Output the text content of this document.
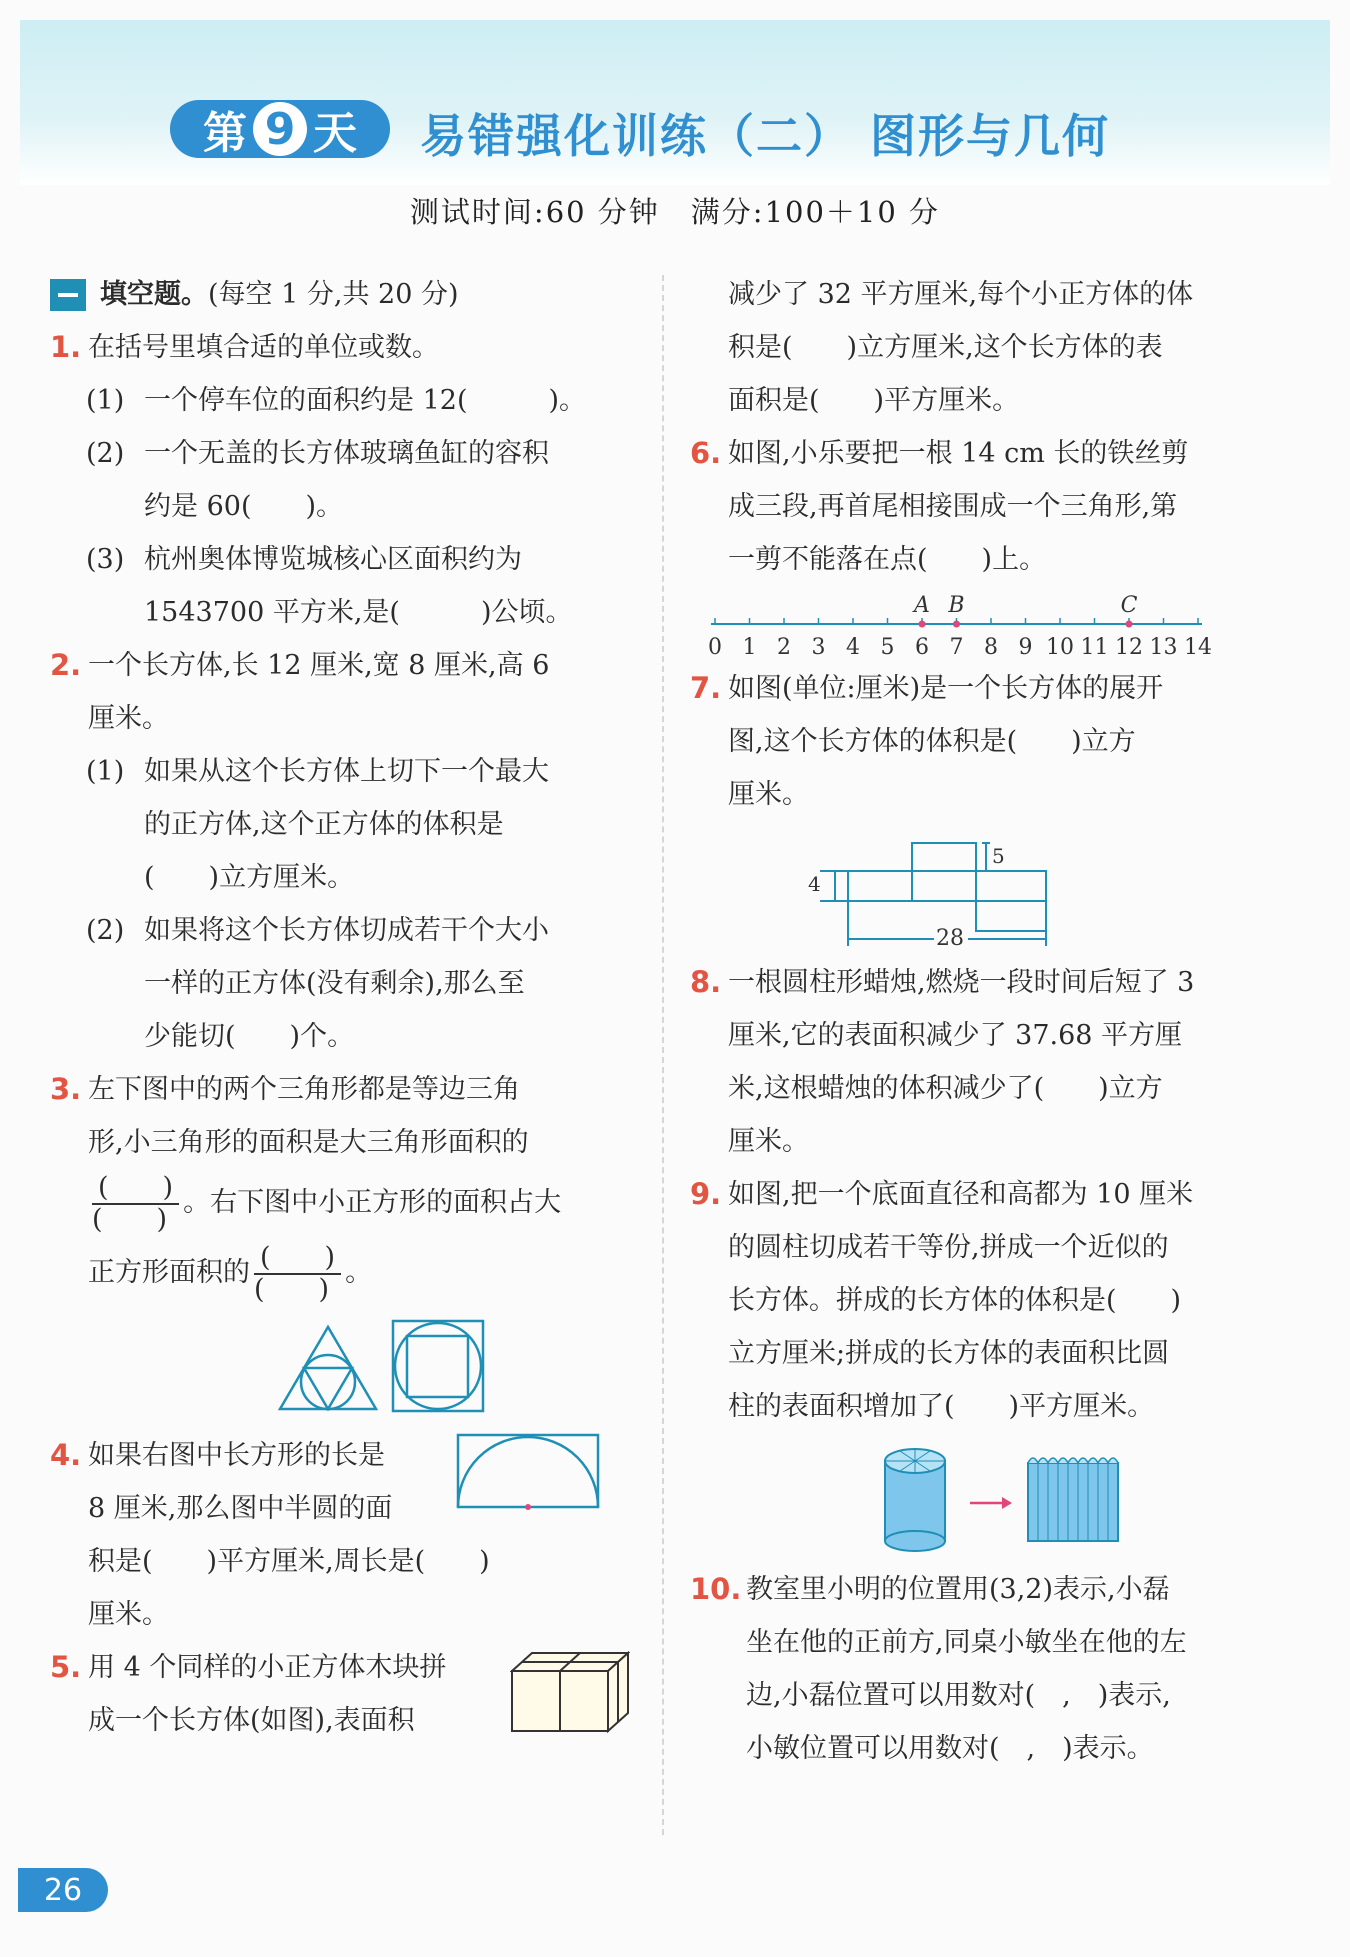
第 9 天 易错强化训练（二） 图形与几何
测试时间:60 分钟　满分:100＋10 分
填空题。(每空 1 分,共 20 分)
1. 在括号里填合适的单位或数。
(1) 一个停车位的面积约是 12(　　　)。
(2) 一个无盖的长方体玻璃鱼缸的容积
约是 60(　　)。
(3) 杭州奥体博览城核心区面积约为
1543700 平方米,是(　　　)公顷。
2. 一个长方体,长 12 厘米,宽 8 厘米,高 6
厘米。
(1) 如果从这个长方体上切下一个最大
的正方体,这个正方体的体积是
(　　)立方厘米。
(2) 如果将这个长方体切成若干个大小
一样的正方体(没有剩余),那么至
少能切(　　)个。
3. 左下图中的两个三角形都是等边三角
形,小三角形的面积是大三角形面积的
$\frac{( )}{( )}$ 。右下图中小正方形的面积占大
正方形面积的 $\frac{( )}{( )}$ 。
4. 如果右图中长方形的长是
8 厘米,那么图中半圆的面
积是(　　)平方厘米,周长是(　　)
厘米。
5. 用 4 个同样的小正方体木块拼
成一个长方体(如图),表面积
减少了 32 平方厘米,每个小正方体的体
积是(　　)立方厘米,这个长方体的表
面积是(　　)平方厘米。
6. 如图,小乐要把一根 14 cm 长的铁丝剪
成三段,再首尾相接围成一个三角形,第
一剪不能落在点(　　)上。
0 1 2 3 4 5 6 7 8 9 10 11 12 13 14
A B	C
7. 如图(单位:厘米)是一个长方体的展开
图,这个长方体的体积是(　　)立方
厘米。
4
5
28
8. 一根圆柱形蜡烛,燃烧一段时间后短了 3
厘米,它的表面积减少了 37.68 平方厘
米,这根蜡烛的体积减少了(　　)立方
厘米。
9. 如图,把一个底面直径和高都为 10 厘米
的圆柱切成若干等份,拼成一个近似的
长方体。拼成的长方体的体积是(　　)
立方厘米;拼成的长方体的表面积比圆
柱的表面积增加了(　　)平方厘米。
10. 教室里小明的位置用(3,2)表示,小磊
坐在他的正前方,同桌小敏坐在他的左
边,小磊位置可以用数对(　,　)表示,
小敏位置可以用数对(　,　)表示。
26
